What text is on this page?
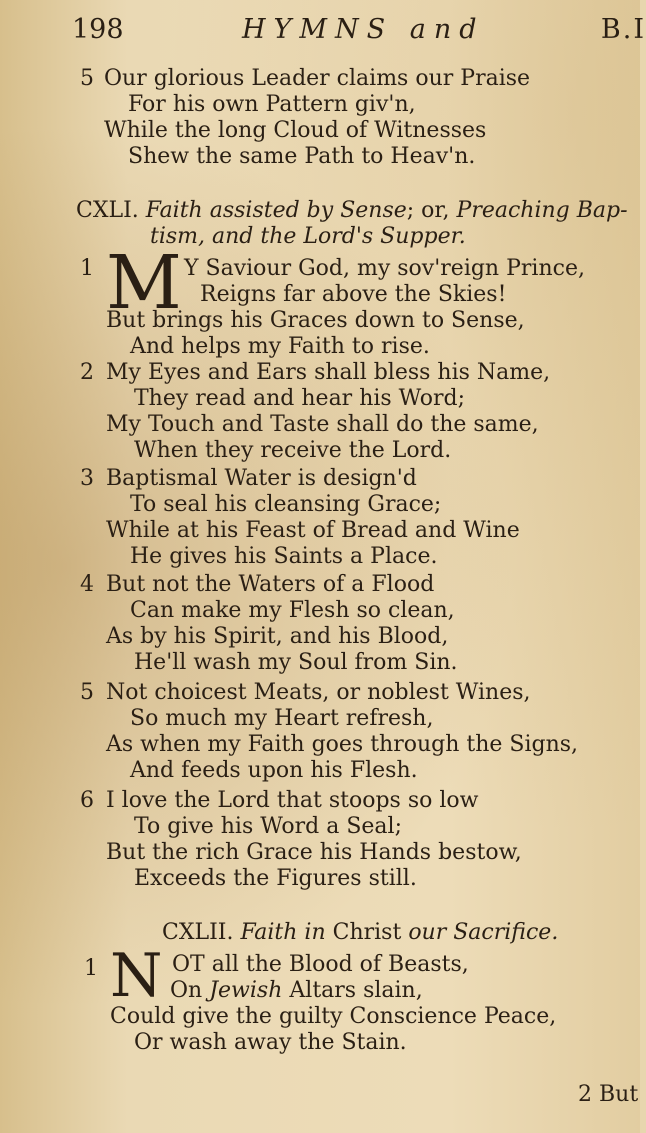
198	HYMNS and	B.I
5 Our glorious Leader claims our Praise
For his own Pattern giv'n,
While the long Cloud of Witnesses
Shew the same Path to Heav'n.
CXLI. Faith assisted by Sense; or, Preaching Bap-
tism, and the Lord's Supper.
1 M Y Saviour God, my sov'reign Prince,
Reigns far above the Skies!
But brings his Graces down to Sense,
And helps my Faith to rise.
2 My Eyes and Ears shall bless his Name,
They read and hear his Word;
My Touch and Taste shall do the same,
When they receive the Lord.
3 Baptismal Water is design'd
To seal his cleansing Grace;
While at his Feast of Bread and Wine
He gives his Saints a Place.
4 But not the Waters of a Flood
Can make my Flesh so clean,
As by his Spirit, and his Blood,
He'll wash my Soul from Sin.
5 Not choicest Meats, or noblest Wines,
So much my Heart refresh,
As when my Faith goes through the Signs,
And feeds upon his Flesh.
6 I love the Lord that stoops so low
To give his Word a Seal;
But the rich Grace his Hands bestow,
Exceeds the Figures still.
CXLII. Faith in Christ our Sacrifice.
1 N OT all the Blood of Beasts,
On Jewish Altars slain,
Could give the guilty Conscience Peace,
Or wash away the Stain.
2 But
